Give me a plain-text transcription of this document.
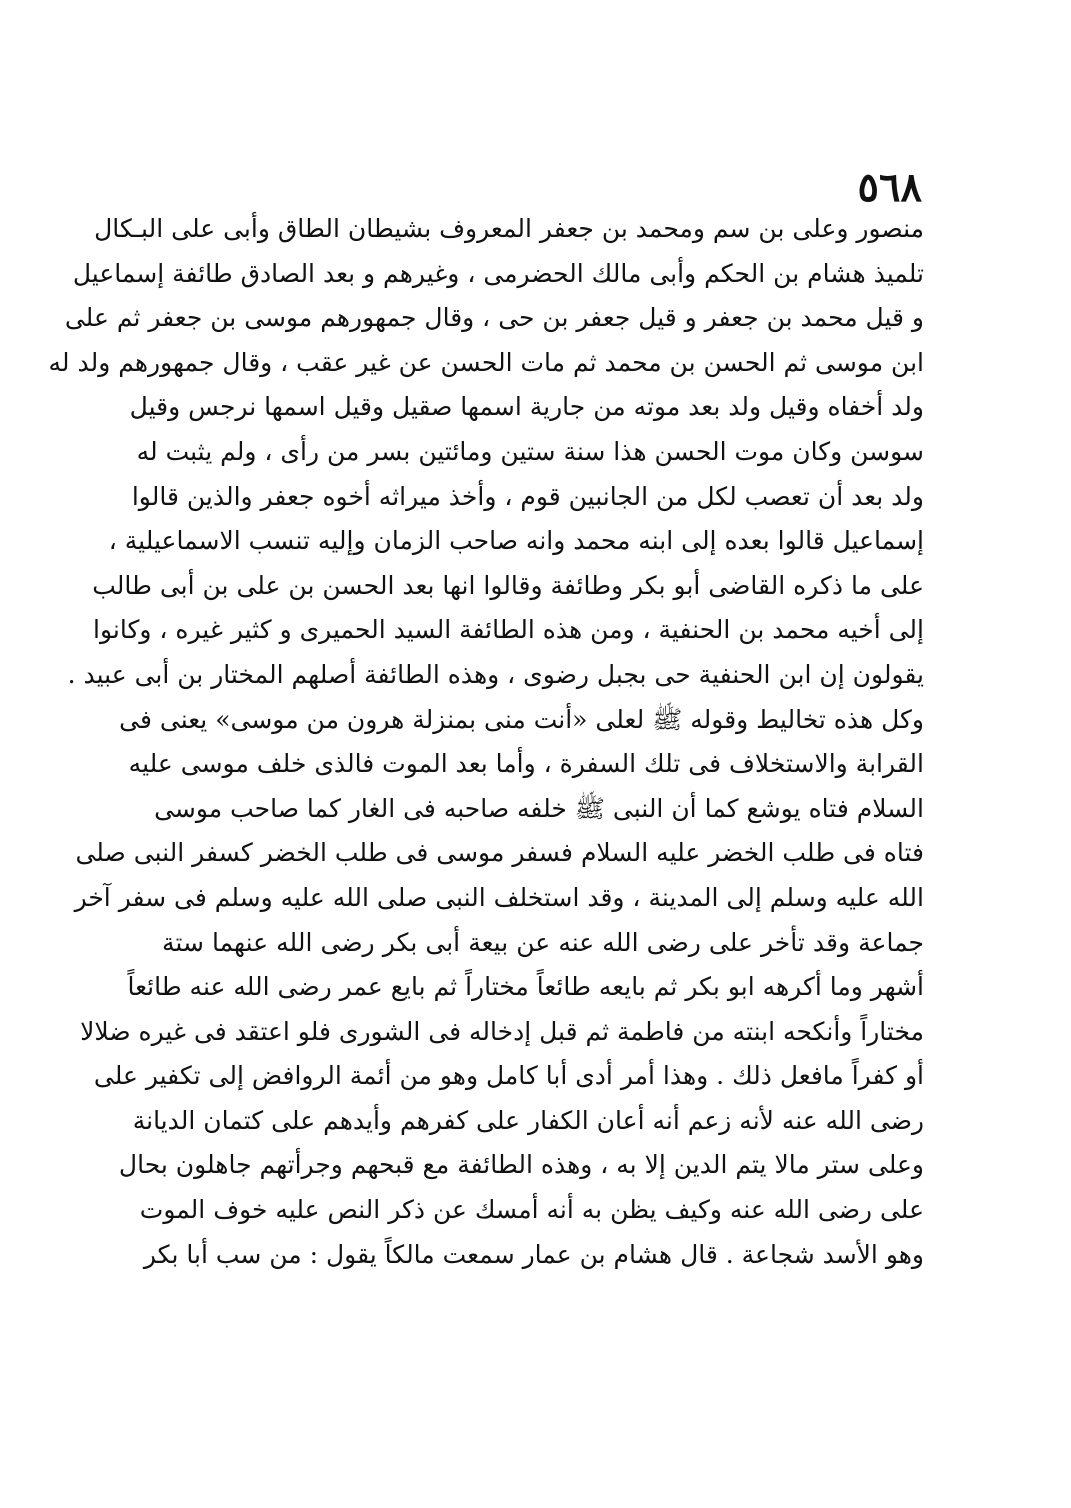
٥٦٨
منصور وعلى بن سم ومحمد بن جعفر المعروف بشيطان الطاق وأبى على البـكال
تلميذ هشام بن الحكم وأبى مالك الحضرمى ، وغيرهم و بعد الصادق طائفة إسماعيل
و قيل محمد بن جعفر و قيل جعفر بن حى ، وقال جمهورهم موسى بن جعفر ثم على
ابن موسى ثم الحسن بن محمد ثم مات الحسن عن غير عقب ، وقال جمهورهم ولد له
ولد أخفاه وقيل ولد بعد موته من جارية اسمها صقيل وقيل اسمها نرجس وقيل
سوسن وكان موت الحسن هذا سنة ستين ومائتين بسر من رأى ، ولم يثبت له
ولد بعد أن تعصب لكل من الجانبين قوم ، وأخذ ميراثه أخوه جعفر والذين قالوا
إسماعيل قالوا بعده إلى ابنه محمد وانه صاحب الزمان وإليه تنسب الاسماعيلية ،
على ما ذكره القاضى أبو بكر وطائفة وقالوا انها بعد الحسن بن على بن أبى طالب
إلى أخيه محمد بن الحنفية ، ومن هذه الطائفة السيد الحميرى و كثير غيره ، وكانوا
يقولون إن ابن الحنفية حى بجبل رضوى ، وهذه الطائفة أصلهم المختار بن أبى عبيد .
وكل هذه تخاليط وقوله ﷺ لعلى «أنت منى بمنزلة هرون من موسى» يعنى فى
القرابة والاستخلاف فى تلك السفرة ، وأما بعد الموت فالذى خلف موسى عليه
السلام فتاه يوشع كما أن النبى ﷺ خلفه صاحبه فى الغار كما صاحب موسى
فتاه فى طلب الخضر عليه السلام فسفر موسى فى طلب الخضر كسفر النبى صلى
الله عليه وسلم إلى المدينة ، وقد استخلف النبى صلى الله عليه وسلم فى سفر آخر
جماعة وقد تأخر على رضى الله عنه عن بيعة أبى بكر رضى الله عنهما ستة
أشهر وما أكرهه ابو بكر ثم بايعه طائعاً مختاراً ثم بايع عمر رضى الله عنه طائعاً
مختاراً وأنكحه ابنته من فاطمة ثم قبل إدخاله فى الشورى فلو اعتقد فى غيره ضلالا
أو كفراً مافعل ذلك . وهذا أمر أدى أبا كامل وهو من أئمة الروافض إلى تكفير على
رضى الله عنه لأنه زعم أنه أعان الكفار على كفرهم وأيدهم على كتمان الديانة
وعلى ستر مالا يتم الدين إلا به ، وهذه الطائفة مع قبحهم وجرأتهم جاهلون بحال
على رضى الله عنه وكيف يظن به أنه أمسك عن ذكر النص عليه خوف الموت
وهو الأسد شجاعة . قال هشام بن عمار سمعت مالكاً يقول : من سب أبا بكر
